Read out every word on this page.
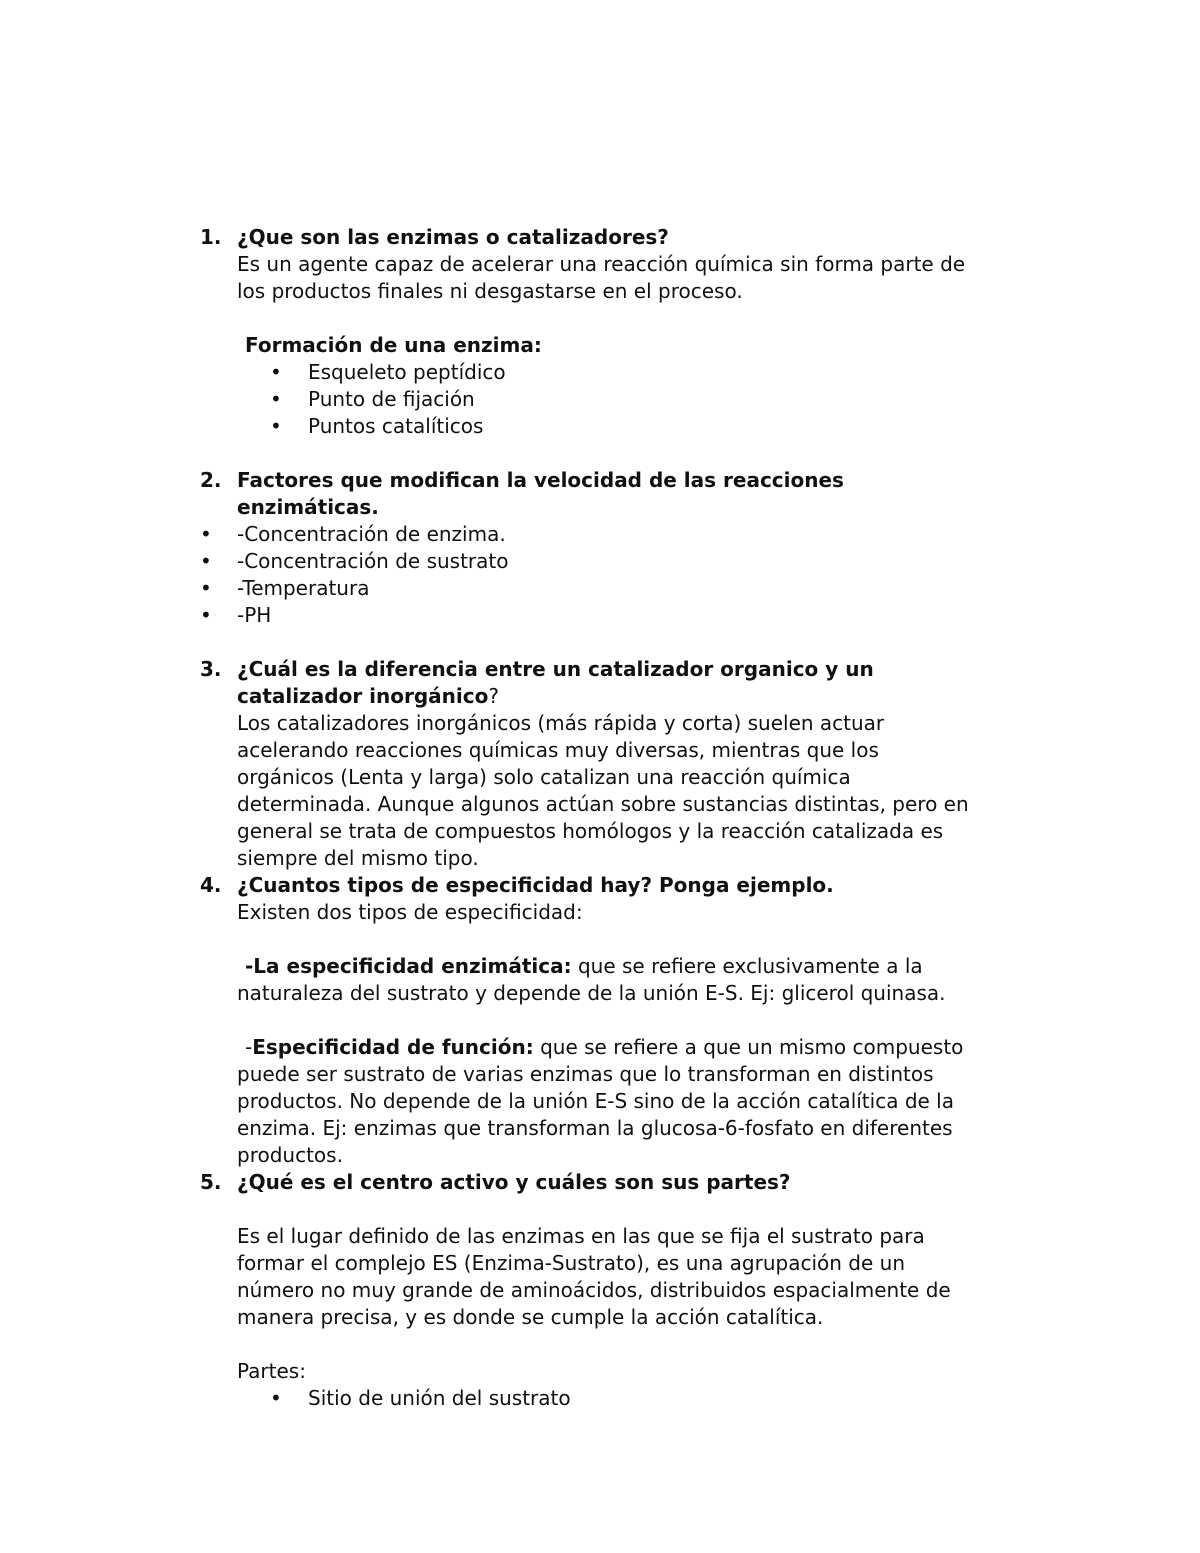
1. ¿Que son las enzimas o catalizadores?
Es un agente capaz de acelerar una reacción química sin forma parte de
los productos finales ni desgastarse en el proceso.
Formación de una enzima:
• Esqueleto peptídico
• Punto de fijación
• Puntos catalíticos
2. Factores que modifican la velocidad de las reacciones
enzimáticas.
• -Concentración de enzima.
• -Concentración de sustrato
• -Temperatura
• -PH
3. ¿Cuál es la diferencia entre un catalizador organico y un
catalizador inorgánico?
Los catalizadores inorgánicos (más rápida y corta) suelen actuar
acelerando reacciones químicas muy diversas, mientras que los
orgánicos (Lenta y larga) solo catalizan una reacción química
determinada. Aunque algunos actúan sobre sustancias distintas, pero en
general se trata de compuestos homólogos y la reacción catalizada es
siempre del mismo tipo.
4. ¿Cuantos tipos de especificidad hay? Ponga ejemplo.
Existen dos tipos de especificidad:
-La especificidad enzimática: que se refiere exclusivamente a la
naturaleza del sustrato y depende de la unión E-S. Ej: glicerol quinasa.
-Especificidad de función: que se refiere a que un mismo compuesto
puede ser sustrato de varias enzimas que lo transforman en distintos
productos. No depende de la unión E-S sino de la acción catalítica de la
enzima. Ej: enzimas que transforman la glucosa-6-fosfato en diferentes
productos.
5. ¿Qué es el centro activo y cuáles son sus partes?
Es el lugar definido de las enzimas en las que se fija el sustrato para
formar el complejo ES (Enzima-Sustrato), es una agrupación de un
número no muy grande de aminoácidos, distribuidos espacialmente de
manera precisa, y es donde se cumple la acción catalítica.
Partes:
• Sitio de unión del sustrato
